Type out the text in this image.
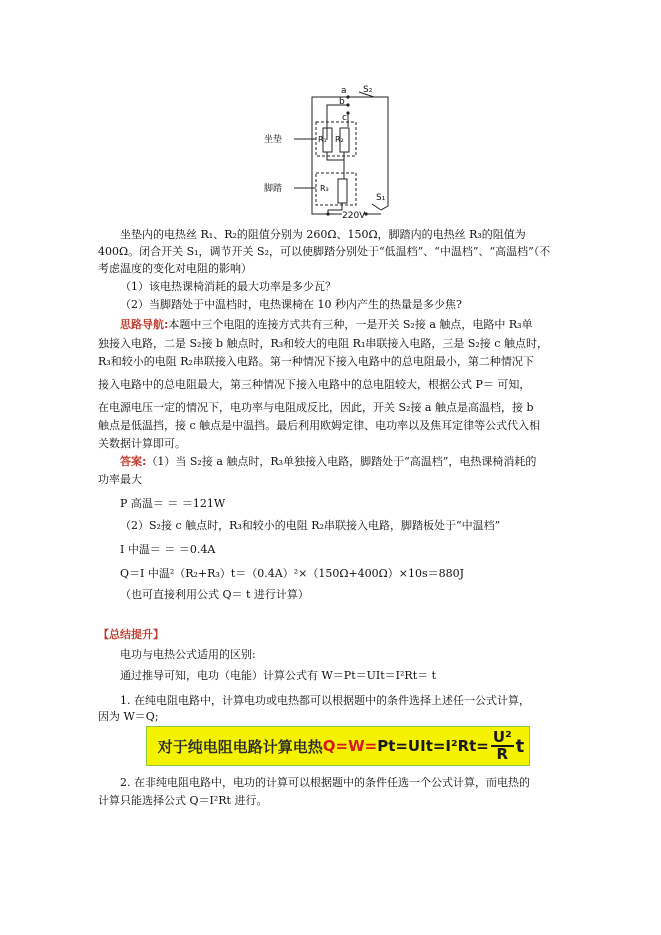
a
b
c
S₂
R₁ R₂
R₃
坐垫
脚踏
S₁
220V
坐垫内的电热丝 R₁、R₂的阻值分别为 260Ω、150Ω，脚踏内的电热丝 R₃的阻值为
400Ω。闭合开关 S₁，调节开关 S₂，可以使脚踏分别处于“低温档”、“中温档”、“高温档”（不
考虑温度的变化对电阻的影响）
（1）该电热课椅消耗的最大功率是多少瓦？
（2）当脚踏处于中温档时，电热课椅在 10 秒内产生的热量是多少焦?
思路导航:本题中三个电阻的连接方式共有三种，一是开关 S₂接 a 触点，电路中 R₃单
独接入电路，二是 S₂接 b 触点时，R₃和较大的电阻 R₁串联接入电路，三是 S₂接 c 触点时，
R₃和较小的电阻 R₂串联接入电路。第一种情况下接入电路中的总电阻最小，第二种情况下
接入电路中的总电阻最大，第三种情况下接入电路中的总电阻较大，根据公式 P＝ 可知，
在电源电压一定的情况下，电功率与电阻成反比，因此，开关 S₂接 a 触点是高温档，接 b
触点是低温挡，接 c 触点是中温挡。最后利用欧姆定律、电功率以及焦耳定律等公式代入相
关数据计算即可。
答案:（1）当 S₂接 a 触点时，R₃单独接入电路，脚踏处于“高温档”，电热课椅消耗的
功率最大
P 高温＝ ＝ ＝121W
（2）S₂接 c 触点时，R₃和较小的电阻 R₂串联接入电路，脚踏板处于“中温档”
I 中温＝ ＝ ＝0.4A
Q＝I 中温²（R₂+R₃）t＝（0.4A）²×（150Ω+400Ω）×10s＝880J
（也可直接利用公式 Q＝ t 进行计算）
【总结提升】
电功与电热公式适用的区别:
通过推导可知，电功（电能）计算公式有 W＝Pt＝UIt＝I²Rt＝ t
1. 在纯电阻电路中，计算电功或电热都可以根据题中的条件选择上述任一公式计算，
因为 W＝Q;
对于纯电阻电路计算电热 $Q=W= Pt=UIt=I^2Rt= \frac{\text{U²}}{R}$ t
2. 在非纯电阻电路中，电功的计算可以根据题中的条件任选一个公式计算，而电热的
计算只能选择公式 Q＝I²Rt 进行。
